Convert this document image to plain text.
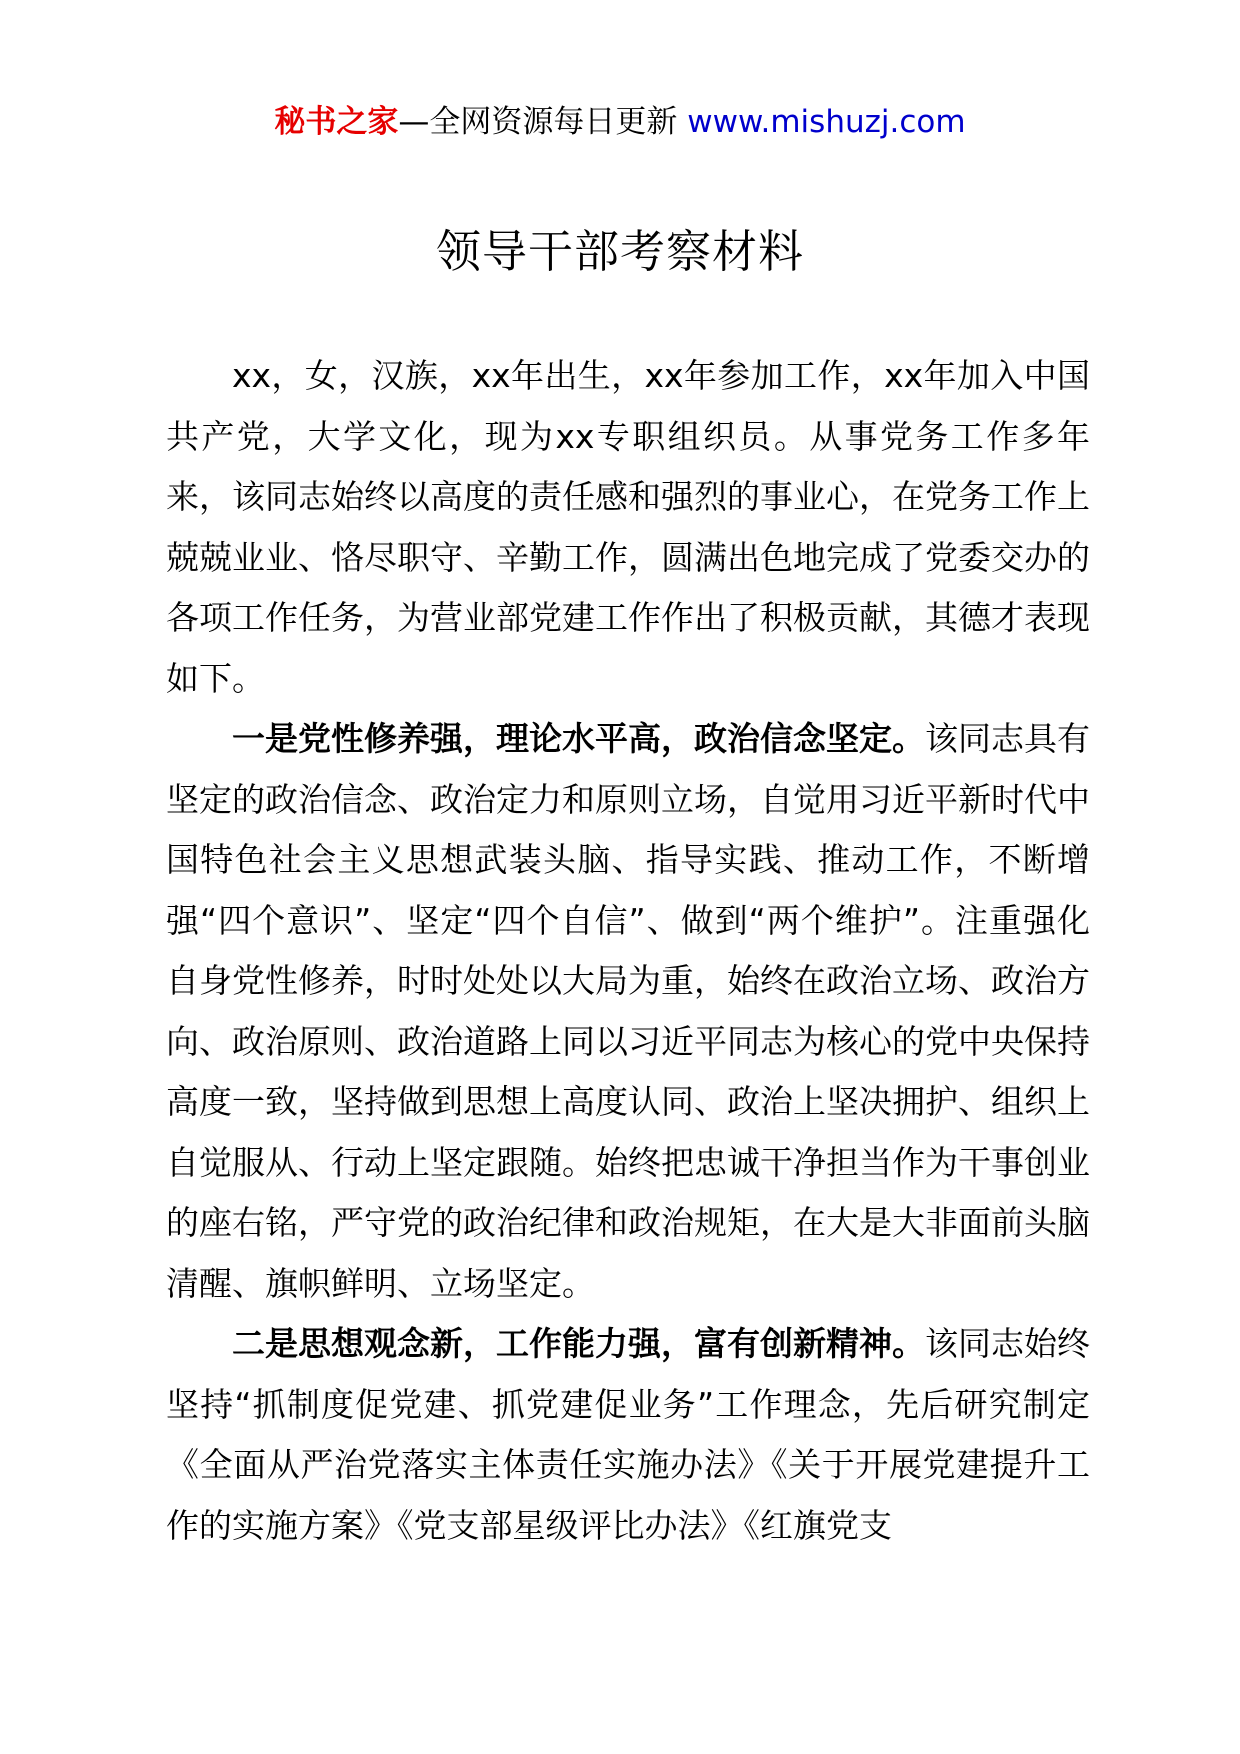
秘书之家—全网资源每日更新 www.mishuzj.com
领导干部考察材料

xx，女，汉族，xx年出生，xx年参加工作，xx年加入中国共产党，大学文化，现为xx专职组织员。从事党务工作多年来，该同志始终以高度的责任感和强烈的事业心，在党务工作上兢兢业业、恪尽职守、辛勤工作，圆满出色地完成了党委交办的各项工作任务，为营业部党建工作作出了积极贡献，其德才表现如下。

一是党性修养强，理论水平高，政治信念坚定。该同志具有坚定的政治信念、政治定力和原则立场，自觉用习近平新时代中国特色社会主义思想武装头脑、指导实践、推动工作，不断增强“四个意识”、坚定“四个自信”、做到“两个维护”。注重强化自身党性修养，时时处处以大局为重，始终在政治立场、政治方向、政治原则、政治道路上同以习近平同志为核心的党中央保持高度一致，坚持做到思想上高度认同、政治上坚决拥护、组织上自觉服从、行动上坚定跟随。始终把忠诚干净担当作为干事创业的座右铭，严守党的政治纪律和政治规矩，在大是大非面前头脑清醒、旗帜鲜明、立场坚定。

二是思想观念新，工作能力强，富有创新精神。该同志始终坚持“抓制度促党建、抓党建促业务”工作理念，先后研究制定《全面从严治党落实主体责任实施办法》《关于开展党建提升工作的实施方案》《党支部星级评比办法》《红旗党支
